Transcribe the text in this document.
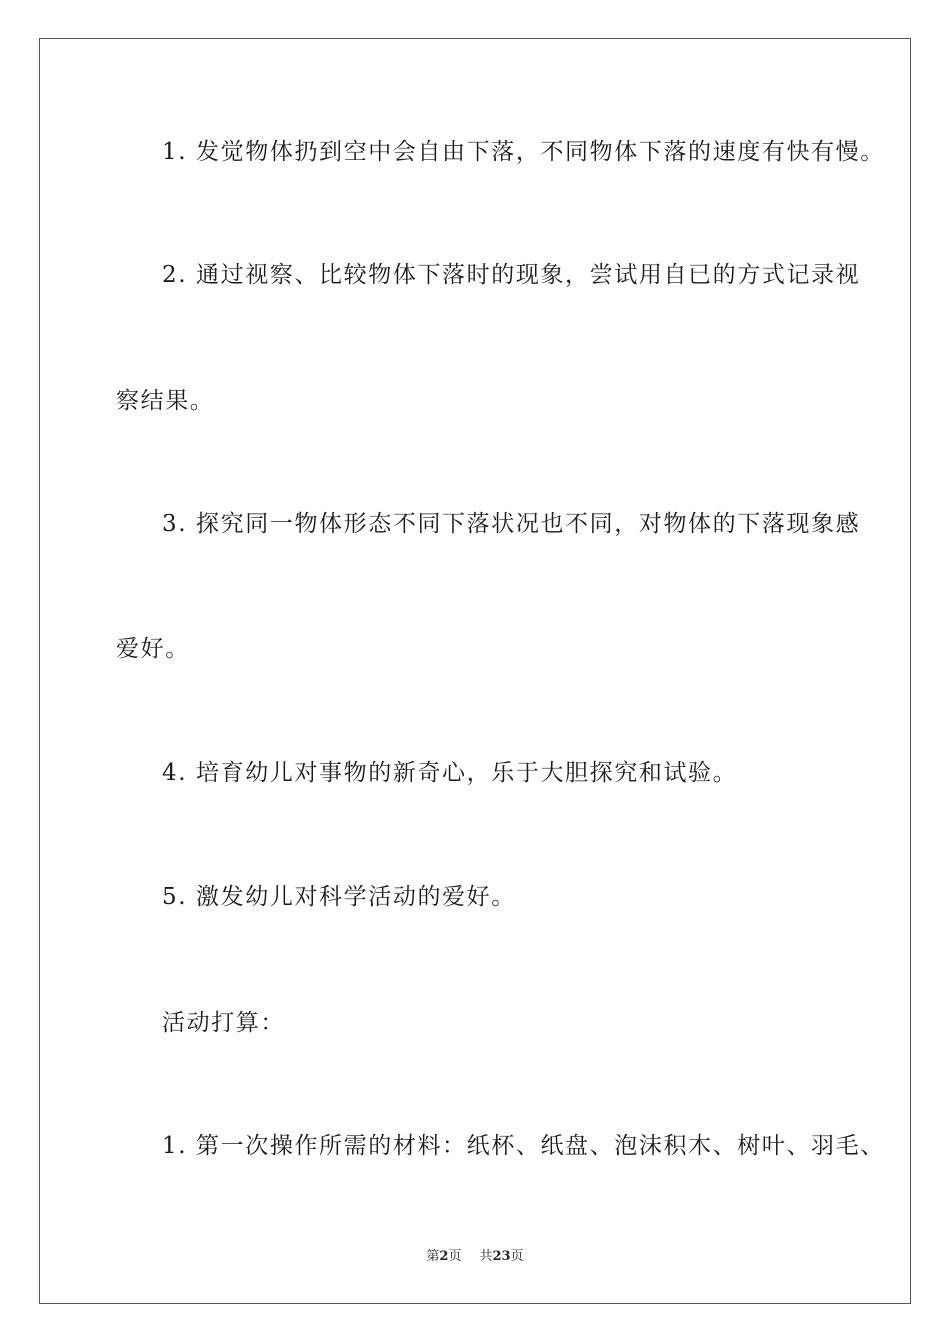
1. 发觉物体扔到空中会自由下落，不同物体下落的速度有快有慢。
2. 通过视察、比较物体下落时的现象，尝试用自已的方式记录视
察结果。
3. 探究同一物体形态不同下落状况也不同，对物体的下落现象感
爱好。
4. 培育幼儿对事物的新奇心，乐于大胆探究和试验。
5. 激发幼儿对科学活动的爱好。
活动打算：
1. 第一次操作所需的材料：纸杯、纸盘、泡沫积木、树叶、羽毛、
第2页 共23页
